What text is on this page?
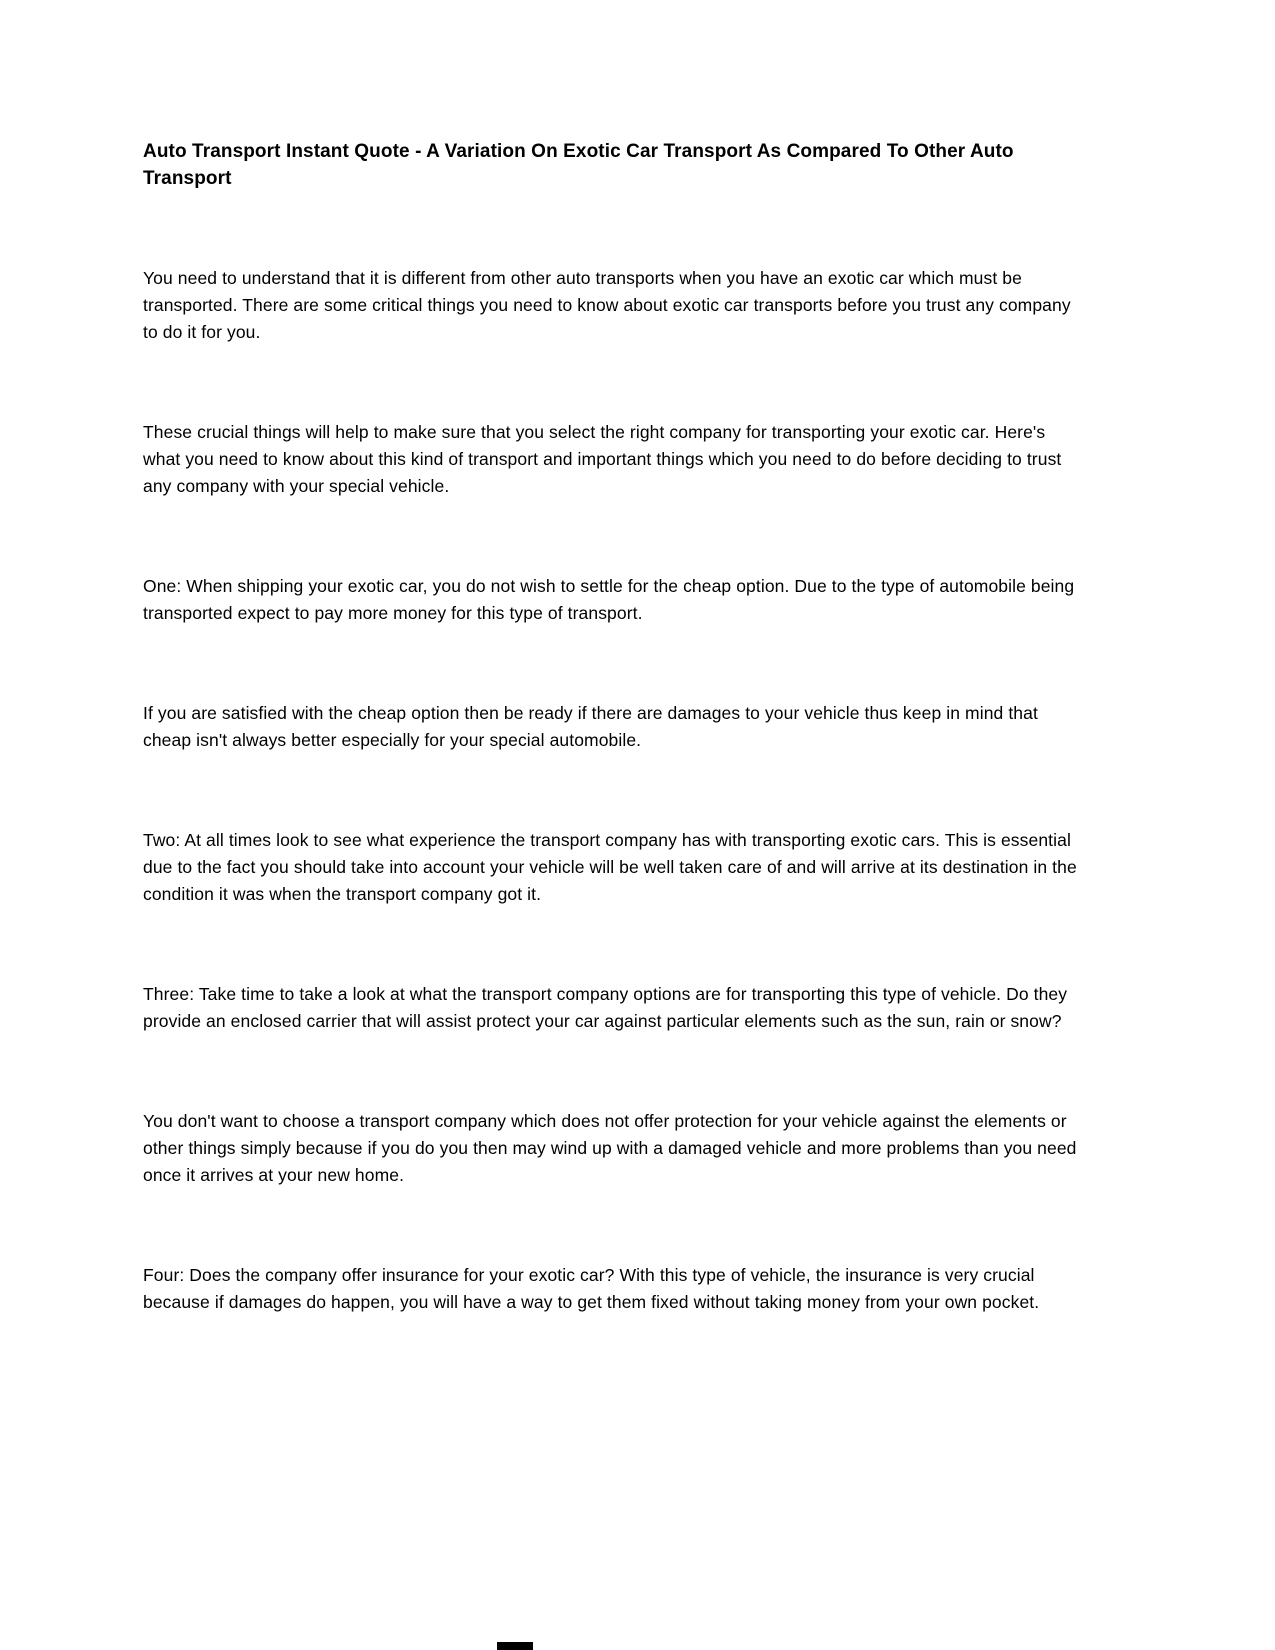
Auto Transport Instant Quote - A Variation On Exotic Car Transport As Compared To Other Auto Transport

You need to understand that it is different from other auto transports when you have an exotic car which must be transported. There are some critical things you need to know about exotic car transports before you trust any company to do it for you.

These crucial things will help to make sure that you select the right company for transporting your exotic car. Here's what you need to know about this kind of transport and important things which you need to do before deciding to trust any company with your special vehicle.

One: When shipping your exotic car, you do not wish to settle for the cheap option. Due to the type of automobile being transported expect to pay more money for this type of transport.

If you are satisfied with the cheap option then be ready if there are damages to your vehicle thus keep in mind that cheap isn't always better especially for your special automobile.

Two: At all times look to see what experience the transport company has with transporting exotic cars. This is essential due to the fact you should take into account your vehicle will be well taken care of and will arrive at its destination in the condition it was when the transport company got it.

Three: Take time to take a look at what the transport company options are for transporting this type of vehicle. Do they provide an enclosed carrier that will assist protect your car against particular elements such as the sun, rain or snow?

You don't want to choose a transport company which does not offer protection for your vehicle against the elements or other things simply because if you do you then may wind up with a damaged vehicle and more problems than you need once it arrives at your new home.

Four: Does the company offer insurance for your exotic car? With this type of vehicle, the insurance is very crucial because if damages do happen, you will have a way to get them fixed without taking money from your own pocket.
